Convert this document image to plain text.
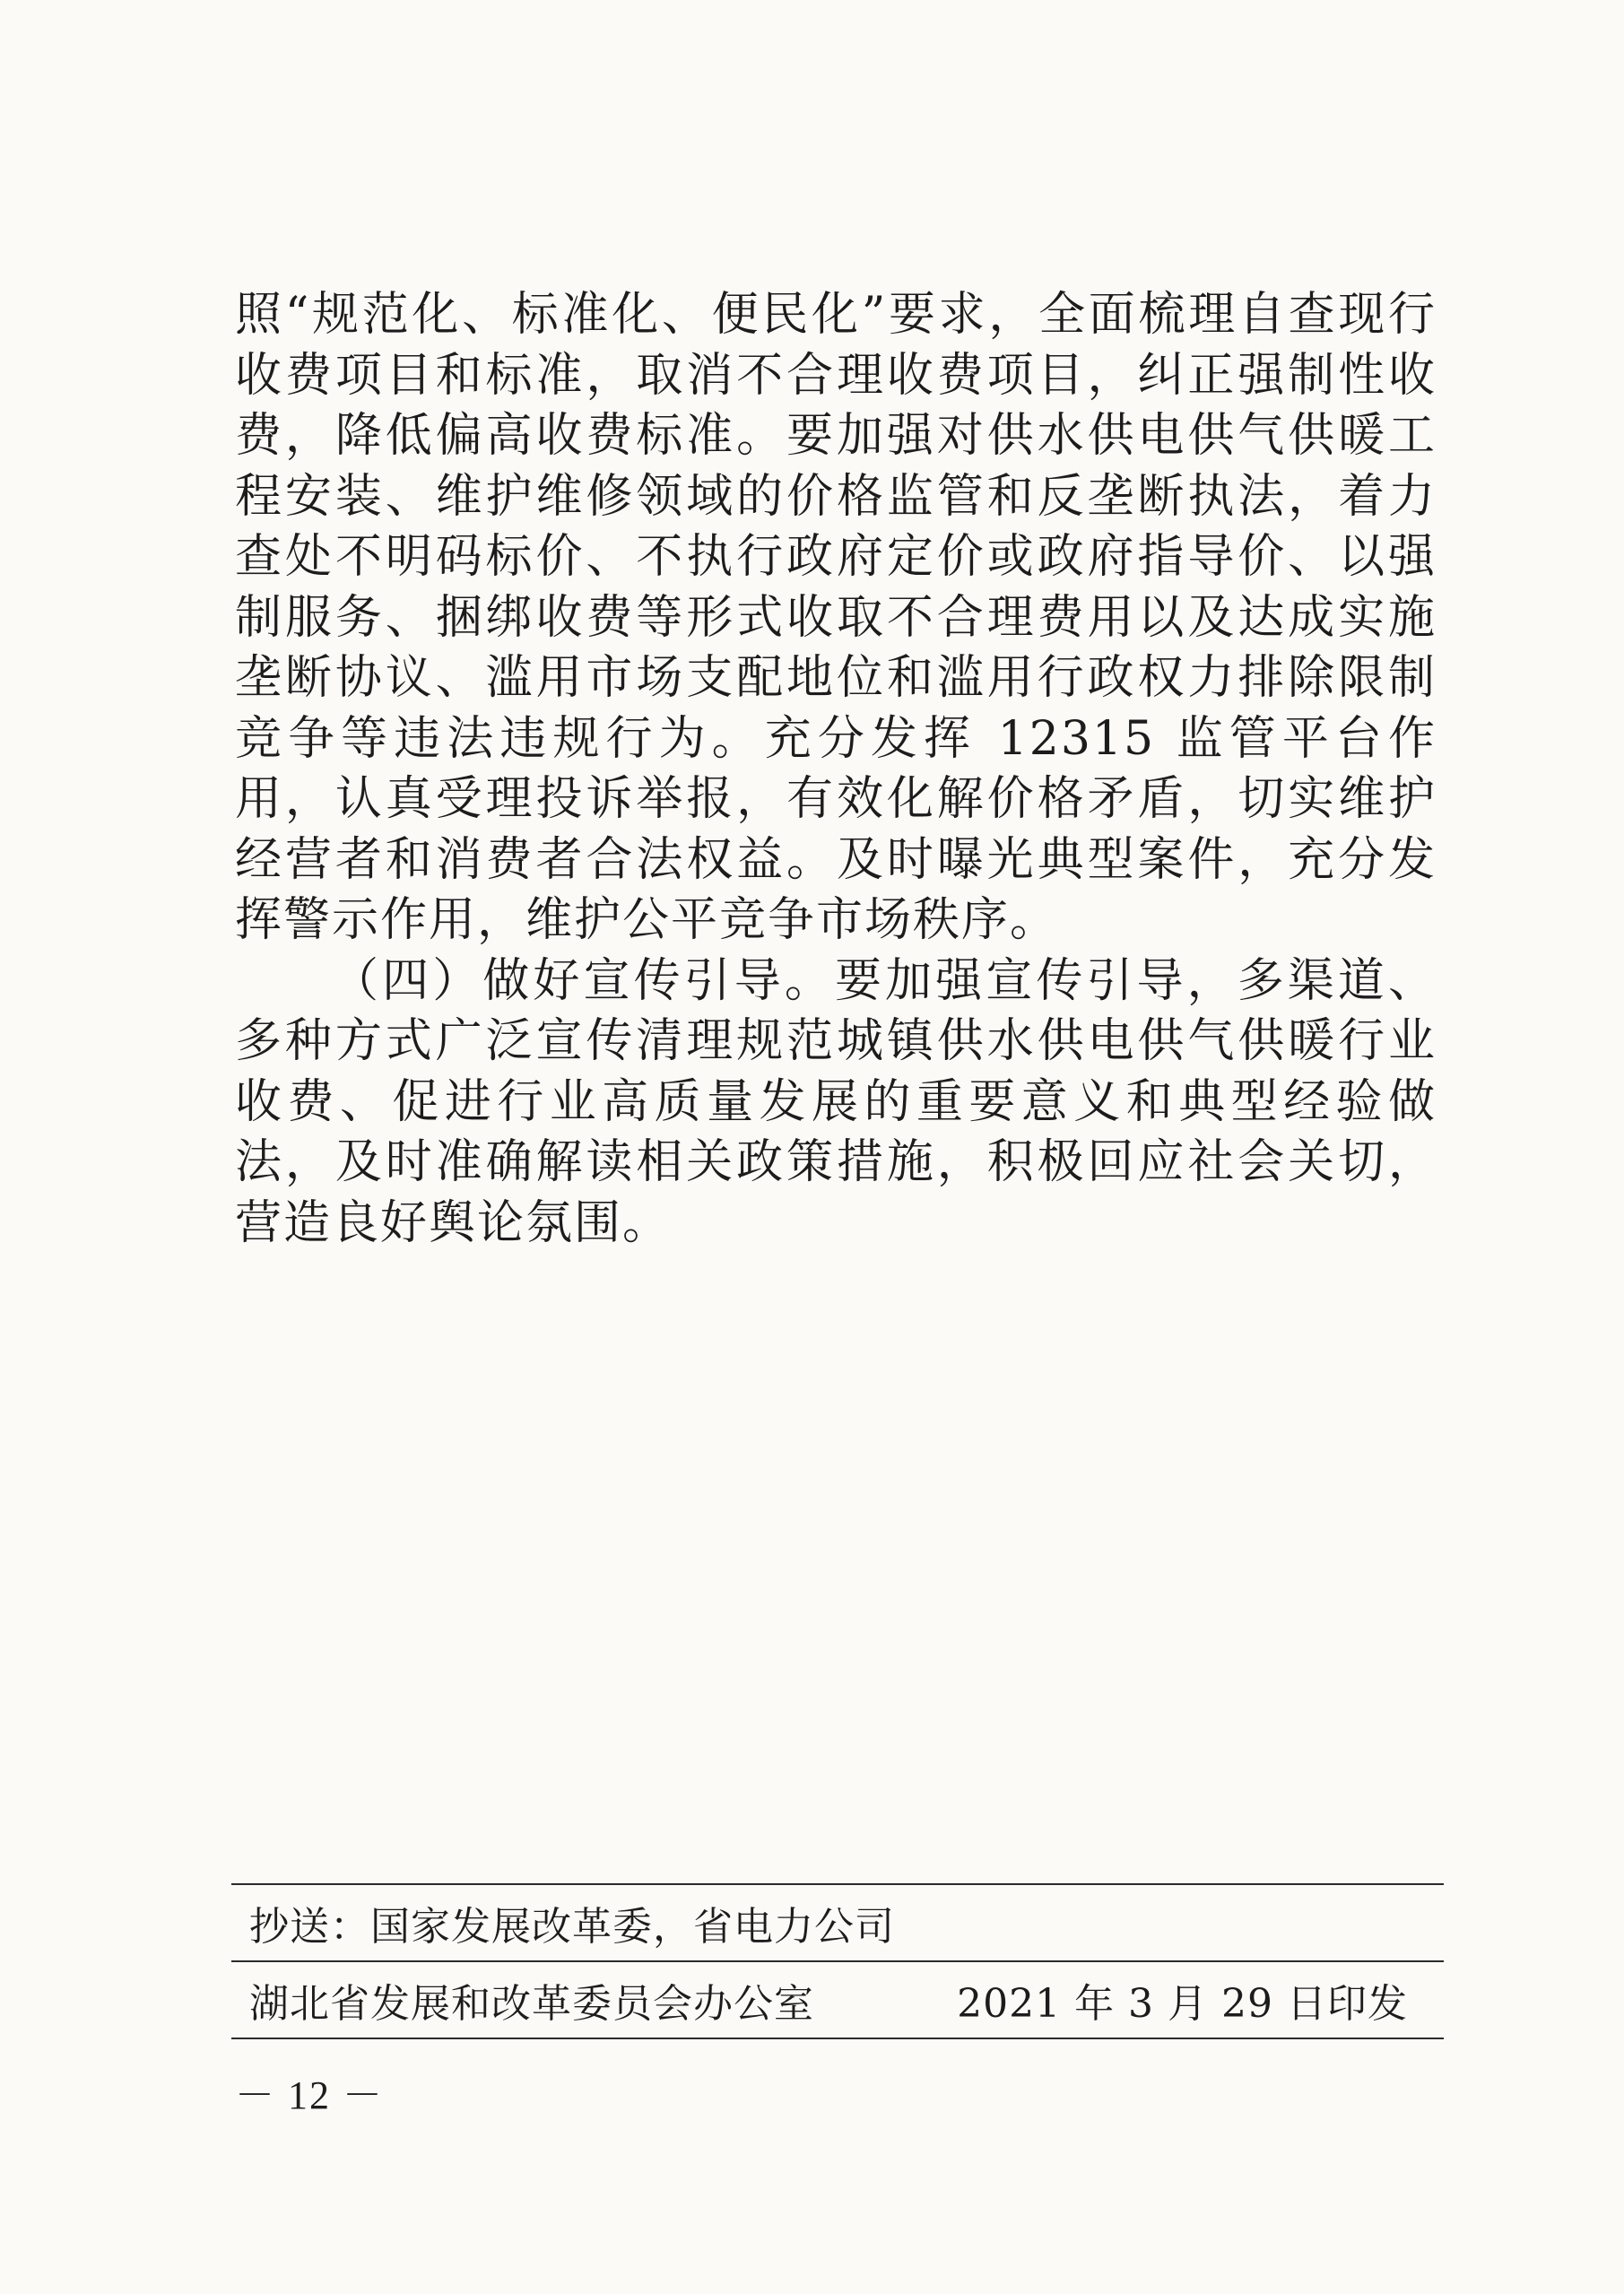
照“规范化、标准化、便民化”要求，全面梳理自查现行收费项目和标准，取消不合理收费项目，纠正强制性收费，降低偏高收费标准。要加强对供水供电供气供暖工程安装、维护维修领域的价格监管和反垄断执法，着力查处不明码标价、不执行政府定价或政府指导价、以强制服务、捆绑收费等形式收取不合理费用以及达成实施垄断协议、滥用市场支配地位和滥用行政权力排除限制竞争等违法违规行为。充分发挥 12315 监管平台作用，认真受理投诉举报，有效化解价格矛盾，切实维护经营者和消费者合法权益。及时曝光典型案件，充分发挥警示作用，维护公平竞争市场秩序。

（四）做好宣传引导。要加强宣传引导，多渠道、多种方式广泛宣传清理规范城镇供水供电供气供暖行业收费、促进行业高质量发展的重要意义和典型经验做法，及时准确解读相关政策措施，积极回应社会关切，营造良好舆论氛围。

抄送：国家发展改革委，省电力公司
湖北省发展和改革委员会办公室	2021 年 3 月 29 日印发
－ 12 －
